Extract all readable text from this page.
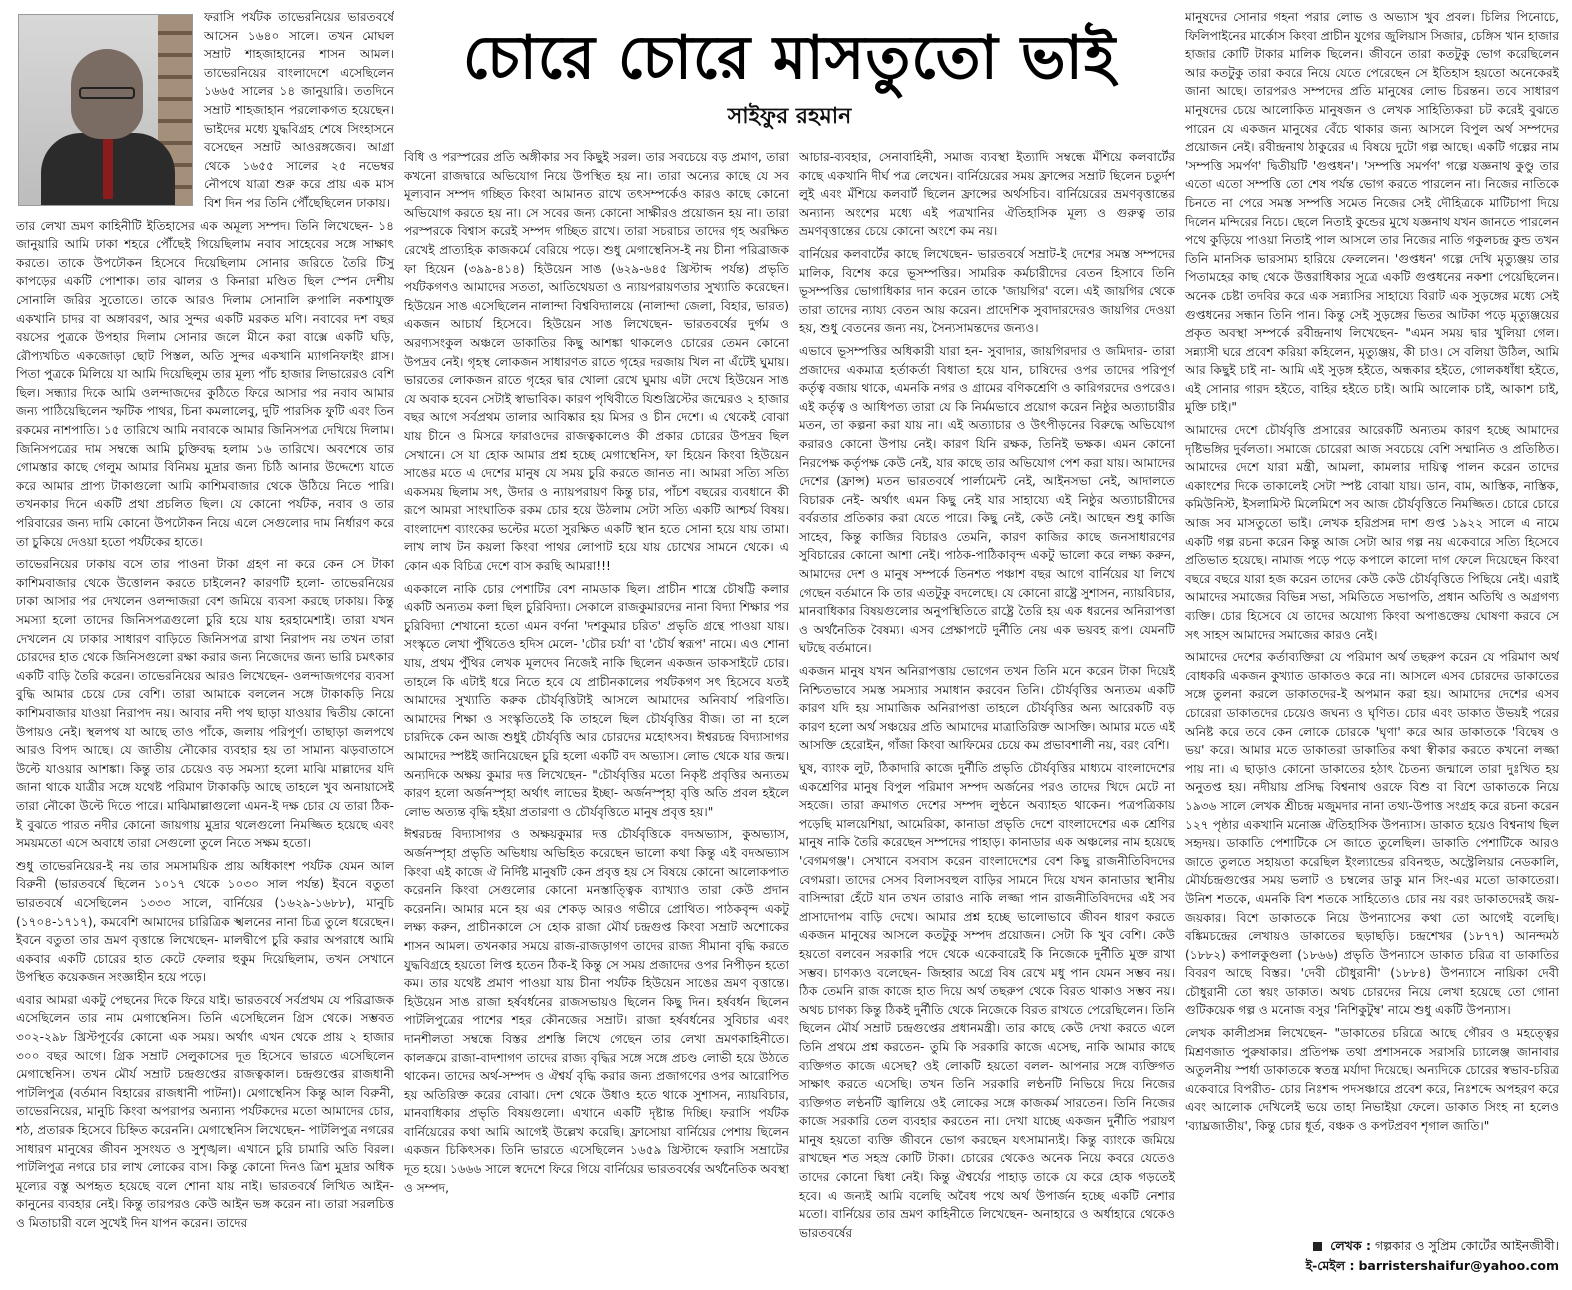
ফরাসি পর্যটক তাভেরনিয়ের ভারতবর্ষে আসেন ১৬৪০ সালে। তখন মোঘল সম্রাট শাহজাহানের শাসন আমল। তাভেরনিয়ের বাংলাদেশে এসেছিলেন ১৬৬৫ সালের ১৪ জানুয়ারি। ততদিনে সম্রাট শাহজাহান পরলোকগত হয়েছেন। ভাইদের মধ্যে যুদ্ধবিগ্রহ শেষে সিংহাসনে বসেছেন সম্রাট আওরঙ্গজেব। আগ্রা থেকে ১৬৫৫ সালের ২৫ নভেম্বর নৌপথে যাত্রা শুরু করে প্রায় এক মাস বিশ দিন পর তিনি পৌঁছেছিলেন ঢাকায়।

তার লেখা ভ্রমণ কাহিনীটি ইতিহাসের এক অমূল্য সম্পদ। তিনি লিখেছেন- ১৪ জানুয়ারি আমি ঢাকা শহরে পৌঁছেই গিয়েছিলাম নবাব সাহেবের সঙ্গে সাক্ষাৎ করতে। তাকে উপঢৌকন হিসেবে দিয়েছিলাম সোনার জরিতে তৈরি টিসু কাপড়ের একটি পোশাক। তার ঝালর ও কিনারা মণ্ডিত ছিল স্পেন দেশীয় সোনালি জরির সুতোতে। তাকে আরও দিলাম সোনালি রুপালি নকশাযুক্ত একখানি চাদর বা অঙ্গাবরণ, আর সুন্দর একটি মরকত মণি। নবাবের দশ বছর বয়সের পুত্রকে উপহার দিলাম সোনার জলে মীনে করা বাক্সে একটি ঘড়ি, রৌপ্যখচিত একজোড়া ছোট পিস্তল, অতি সুন্দর একখানি ম্যাগনিফাইং গ্লাস। পিতা পুত্রকে মিলিয়ে যা আমি দিয়েছিলুম তার মূল্য পাঁচ হাজার লিভারেরও বেশি ছিল। সন্ধ্যার দিকে আমি ওলন্দাজদের কুঠিতে ফিরে আসার পর নবাব আমার জন্য পাঠিয়েছিলেন স্ফটিক পাথর, চিনা কমলালেবু, দুটি পারসিক ফুটি এবং তিন রকমের নাশপাতি। ১৫ তারিখে আমি নবাবকে আমার জিনিসপত্র দেখিয়ে দিলাম। জিনিসপত্রের দাম সম্বন্ধে আমি চুক্তিবদ্ধ হলাম ১৬ তারিখে। অবশেষে তার গোমস্তার কাছে গেলুম আমার বিনিময় মুদ্রার জন্য চিঠি আনার উদ্দেশ্যে যাতে করে আমার প্রাপ্য টাকাগুলো আমি কাশিমবাজার থেকে উঠিয়ে নিতে পারি। তখনকার দিনে একটি প্রথা প্রচলিত ছিল। যে কোনো পর্যটক, নবাব ও তার পরিবারের জন্য দামি কোনো উপঢৌকন নিয়ে এলে সেগুলোর দাম নির্ধারণ করে তা চুকিয়ে দেওয়া হতো পর্যটকের হাতে।

তাভেরনিয়ের ঢাকায় বসে তার পাওনা টাকা গ্রহণ না করে কেন সে টাকা কাশিমবাজার থেকে উত্তোলন করতে চাইলেন? কারণটি হলো- তাভেরনিয়ের ঢাকা আসার পর দেখলেন ওলন্দাজরা বেশ জমিয়ে ব্যবসা করছে ঢাকায়। কিন্তু সমস্যা হলো তাদের জিনিসপত্রগুলো চুরি হয়ে যায় হরহামেশাই। তারা যখন দেখলেন যে ঢাকার সাধারণ বাড়িতে জিনিসপত্র রাখা নিরাপদ নয় তখন তারা চোরদের হাত থেকে জিনিসগুলো রক্ষা করার জন্য নিজেদের জন্য ভারি চমৎকার একটি বাড়ি তৈরি করেন। তাভেরনিয়ের আরও লিখেছেন- ওলন্দাজগণের ব্যবসা বুদ্ধি আমার চেয়ে ঢের বেশি। তারা আমাকে বললেন সঙ্গে টাকাকড়ি নিয়ে কাশিমবাজার যাওয়া নিরাপদ নয়। আবার নদী পথ ছাড়া যাওয়ার দ্বিতীয় কোনো উপায়ও নেই। স্থলপথ যা আছে তাও পাঁকে, জলায় পরিপূর্ণ। তাছাড়া জলপথে আরও বিপদ আছে। যে জাতীয় নৌকোর ব্যবহার হয় তা সামান্য ঝড়বাতাসে উল্টে যাওয়ার আশঙ্কা। কিন্তু তার চেয়েও বড় সমস্যা হলো মাঝি মাল্লাদের যদি জানা থাকে যাত্রীর সঙ্গে যথেষ্ট পরিমাণ টাকাকড়ি আছে তাহলে খুব অনায়াসেই তারা নৌকো উল্টে দিতে পারে। মাঝিমাল্লাগুলো এমন-ই দক্ষ চোর যে তারা ঠিক-ই বুঝতে পারত নদীর কোনো জায়গায় মুদ্রার থলেগুলো নিমজ্জিত হয়েছে এবং সময়মতো এসে অবাধে তারা সেগুলো তুলে নিতে সক্ষম হতো।

শুধু তাভেরনিয়ের-ই নয় তার সমসাময়িক প্রায় অধিকাংশ পর্যটক যেমন আল বিরুনী (ভারতবর্ষে ছিলেন ১০১৭ থেকে ১০৩০ সাল পর্যন্ত) ইবনে বতুতা ভারতবর্ষে এসেছিলেন ১৩৩৩ সালে, বার্নিয়ের (১৬২৯-১৬৮৮), মানুচি (১৭০৪-১৭১৭), কমবেশি আমাদের চারিত্রিক স্খলনের নানা চিত্র তুলে ধরেছেন। ইবনে বতুতা তার ভ্রমণ বৃত্তান্তে লিখেছেন- মালদ্বীপে চুরি করার অপরাধে আমি একবার একটি চোরের হাত কেটে ফেলার হুকুম দিয়েছিলাম, তখন সেখানে উপস্থিত কয়েকজন সংজ্ঞাহীন হয়ে পড়ে।

এবার আমরা একটু পেছনের দিকে ফিরে যাই। ভারতবর্ষে সর্বপ্রথম যে পরিব্রাজক এসেছিলেন তার নাম মেগাস্থেনিস। তিনি এসেছিলেন গ্রিস থেকে। সম্ভবত ৩০২-২৯৮ খ্রিস্টপূর্বের কোনো এক সময়। অর্থাৎ এখন থেকে প্রায় ২ হাজার ৩০০ বছর আগে। গ্রিক সম্রাট সেলুকাসের দূত হিসেবে ভারতে এসেছিলেন মেগাস্থেনিস। তখন মৌর্য সম্রাট চন্দ্রগুপ্তের রাজত্বকাল। চন্দ্রগুপ্তের রাজধানী পাটলিপুত্র (বর্তমান বিহারের রাজধানী পাটনা)। মেগাস্থেনিস কিন্তু আল বিরুনী, তাভেরনিয়ের, মানুচি কিংবা অপরাপর অন্যান্য পর্যটকদের মতো আমাদের চোর, শঠ, প্রতারক হিসেবে চিহ্নিত করেননি। মেগাস্থেনিস লিখেছেন- পাটলিপুত্র নগরের সাধারণ মানুষের জীবন সুসংযত ও সুশৃঙ্খল। এখানে চুরি চামারি অতি বিরল। পাটলিপুত্র নগরে চার লাখ লোকের বাস। কিন্তু কোনো দিনও ত্রিশ মুদ্রার অধিক মূল্যের বস্তু অপহৃত হয়েছে বলে শোনা যায় নাই। ভারতবর্ষে লিখিত আইন-কানুনের ব্যবহার নেই। কিন্তু তারপরও কেউ আইন ভঙ্গ করেন না। তারা সরলচিত্ত ও মিতাচারী বলে সুখেই দিন যাপন করেন। তাদের

চোরে চোরে মাসতুতো ভাই
সাইফুর রহমান

বিধি ও পরস্পরের প্রতি অঙ্গীকার সব কিছুই সরল। তার সবচেয়ে বড় প্রমাণ, তারা কখনো রাজদ্বারে অভিযোগ নিয়ে উপস্থিত হয় না। তারা অন্যের কাছে যে সব মূল্যবান সম্পদ গচ্ছিত কিংবা আমানত রাখে তৎসম্পর্কেও কারও কাছে কোনো অভিযোগ করতে হয় না। সে সবের জন্য কোনো সাক্ষীরও প্রয়োজন হয় না। তারা পরস্পরকে বিশ্বাস করেই সম্পদ গচ্ছিত রাখে। তারা সচরাচর তাদের গৃহ অরক্ষিত রেখেই প্রাত্যহিক কাজকর্মে বেরিয়ে পড়ে। শুধু মেগাস্থেনিস-ই নয় চীনা পরিব্রাজক ফা হিয়েন (৩৯৯-৪১৪) হিউয়েন সাঙ (৬২৯-৬৪৫ খ্রিস্টাব্দ পর্যন্ত) প্রভৃতি পর্যটকগণও আমাদের সততা, আতিথেয়তা ও ন্যায়পরায়ণতার সুখ্যাতি করেছেন। হিউয়েন সাঙ এসেছিলেন নালান্দা বিশ্ববিদ্যালয়ে (নালান্দা জেলা, বিহার, ভারত) একজন আচার্য হিসেবে। হিউয়েন সাঙ লিখেছেন- ভারতবর্ষের দুর্গম ও অরণ্যসংকুল অঞ্চলে ডাকাতির কিছু আশঙ্কা থাকলেও চোরের তেমন কোনো উপদ্রব নেই। গৃহস্থ লোকজন সাধারণত রাতে গৃহের দরজায় খিল না এঁটেই ঘুমায়। ভারতের লোকজন রাতে গৃহের দ্বার খোলা রেখে ঘুমায় এটা দেখে হিউয়েন সাঙ যে অবাক হবেন সেটাই স্বাভাবিক। কারণ পৃথিবীতে যিশুখ্রিস্টের জন্মেরও ২ হাজার বছর আগে সর্বপ্রথম তালার আবিষ্কার হয় মিসর ও চীন দেশে। এ থেকেই বোঝা যায় চীনে ও মিসরে ফারাওদের রাজত্বকালেও কী প্রকার চোরের উপদ্রব ছিল সেখানে। সে যা হোক আমার প্রশ্ন হচ্ছে মেগাস্থেনিস, ফা হিয়েন কিংবা হিউয়েন সাঙের মতে এ দেশের মানুষ যে সময় চুরি করতে জানত না। আমরা সত্যি সত্যি একসময় ছিলাম সৎ, উদার ও ন্যায়পরায়ণ কিন্তু চার, পাঁচশ বছরের ব্যবধানে কী রূপে আমরা সাংঘাতিক রকম চোর হয়ে উঠলাম সেটা সত্যি একটি আশ্চর্য বিষয়। বাংলাদেশ ব্যাংকের ভল্টের মতো সুরক্ষিত একটি স্থান হতে সোনা হয়ে যায় তামা। লাখ লাখ টন কয়লা কিংবা পাথর লোপাট হয়ে যায় চোখের সামনে থেকে। এ কোন এক বিচিত্র দেশে বাস করছি আমরা!!!

এককালে নাকি চোর পেশাটির বেশ নামডাক ছিল। প্রাচীন শাস্ত্রে চৌষট্টি কলার একটি অন্যতম কলা ছিল চুরিবিদ্যা। সেকালে রাজকুমারদের নানা বিদ্যা শিক্ষার পর চুরিবিদ্যা শেখানো হতো এমন বর্ণনা 'দশকুমার চরিত' প্রভৃতি গ্রন্থে পাওয়া যায়। সংস্কৃতে লেখা পুঁথিতেও হদিস মেলে- 'চৌর চর্যা' বা 'চৌর্য স্বরূপ' নামে। এও শোনা যায়, প্রথম পুঁথির লেখক মূলদেব নিজেই নাকি ছিলেন একজন ডাকসাইটে চোর। তাহলে কি এটাই ধরে নিতে হবে যে প্রাচীনকালের পর্যটকগণ সৎ হিসেবে যতই আমাদের সুখ্যাতি করুক চৌর্যবৃত্তিটাই আসলে আমাদের অনিবার্য পরিণতি। আমাদের শিক্ষা ও সংস্কৃতিতেই কি তাহলে ছিল চৌর্যবৃত্তির বীজ। তা না হলে চারদিকে কেন আজ শুধুই চৌর্যবৃত্তি আর চোরদের মহোৎসব। ঈশ্বরচন্দ্র বিদ্যাসাগর আমাদের স্পষ্টই জানিয়েছেন চুরি হলো একটি বদ অভ্যাস। লোভ থেকে যার জন্ম। অন্যদিকে অক্ষয় কুমার দত্ত লিখেছেন- "চৌর্যবৃত্তির মতো নিকৃষ্ট প্রবৃত্তির অন্যতম কারণ হলো অর্জনস্পৃহা অর্থাৎ লাভের ইচ্ছা- অর্জনস্পৃহা বৃত্তি অতি প্রবল হইলে লোভ অত্যন্ত বৃদ্ধি হইয়া প্রতারণা ও চৌর্যবৃত্তিতে মানুষ প্রবৃত্ত হয়।"

ঈশ্বরচন্দ্র বিদ্যাসাগর ও অক্ষয়কুমার দত্ত চৌর্যবৃত্তিকে বদঅভ্যাস, কুঅভ্যাস, অর্জনস্পৃহা প্রভৃতি অভিধায় অভিহিত করেছেন ভালো কথা কিন্তু এই বদঅভ্যাস কিংবা এই কাজে ঐ নির্দিষ্ট মানুষটি কেন প্রবৃত্ত হয় সে বিষয়ে কোনো আলোকপাত করেননি কিংবা সেগুলোর কোনো মনস্তাত্ত্বিক ব্যাখ্যাও তারা কেউ প্রদান করেননি। আমার মনে হয় এর শেকড় আরও গভীরে প্রোথিত। পাঠকবৃন্দ একটু লক্ষ্য করুন, প্রাচীনকালে সে হোক রাজা মৌর্য চন্দ্রগুপ্ত কিংবা সম্রাট অশোকের শাসন আমল। তখনকার সময়ে রাজ-রাজড়াগণ তাদের রাজ্য সীমানা বৃদ্ধি করতে যুদ্ধবিগ্রহে হয়তো লিপ্ত হতেন ঠিক-ই কিন্তু সে সময় প্রজাদের ওপর নিপীড়ন হতো কম। তার যথেষ্ট প্রমাণ পাওয়া যায় চীনা পর্যটক হিউয়েন সাঙের ভ্রমণ বৃত্তান্তে। হিউয়েন সাঙ রাজা হর্ষবর্ধনের রাজসভায়ও ছিলেন কিছু দিন। হর্ষবর্ধন ছিলেন পাটলিপুত্রের পাশের শহর কৌনজের সম্রাট। রাজা হর্ষবর্ধনের সুবিচার এবং দানশীলতা সম্বন্ধে বিস্তর প্রশস্তি লিখে গেছেন তার লেখা ভ্রমণকাহিনীতে। কালক্রমে রাজা-বাদশাগণ তাদের রাজ্য বৃদ্ধির সঙ্গে সঙ্গে প্রচণ্ড লোভী হয়ে উঠতে থাকেন। তাদের অর্থ-সম্পদ ও ঐশ্বর্য বৃদ্ধি করার জন্য প্রজাগণের ওপর আরোপিত হয় অতিরিক্ত করের বোঝা। দেশ থেকে উধাও হতে থাকে সুশাসন, ন্যায়বিচার, মানবাধিকার প্রভৃতি বিষয়গুলো। এখানে একটি দৃষ্টান্ত দিচ্ছি। ফরাসি পর্যটক বার্নিয়েরের কথা আমি আগেই উল্লেখ করেছি। ফ্রাসোয়া বার্নিয়ের পেশায় ছিলেন একজন চিকিৎসক। তিনি ভারতে এসেছিলেন ১৬৫৯ খ্রিস্টাব্দে ফরাসি সম্রাটের দূত হয়ে। ১৬৬৬ সালে স্বদেশে ফিরে গিয়ে বার্নিয়ের ভারতবর্ষের অর্থনৈতিক অবস্থা ও সম্পদ,

আচার-ব্যবহার, সেনাবাহিনী, সমাজ ব্যবস্থা ইত্যাদি সম্বন্ধে মঁশিয়ে কলবার্টের কাছে একখানি দীর্ঘ পত্র লেখেন। বার্নিয়েরের সময় ফ্রান্সের সম্রাট ছিলেন চতুর্দশ লুই এবং মঁশিয়ে কলবার্ট ছিলেন ফ্রান্সের অর্থসচিব। বার্নিয়েরের ভ্রমণবৃত্তান্তের অন্যান্য অংশের মধ্যে এই পত্রখানির ঐতিহাসিক মূল্য ও গুরুত্ব তার ভ্রমণবৃত্তান্তের চেয়ে কোনো অংশে কম নয়।

বার্নিয়ের কলবার্টের কাছে লিখেছেন- ভারতবর্ষে সম্রাট-ই দেশের সমস্ত সম্পদের মালিক, বিশেষ করে ভূসম্পত্তির। সামরিক কর্মচারীদের বেতন হিসাবে তিনি ভূসম্পত্তির ভোগাধিকার দান করেন তাকে 'জায়গির' বলে। এই জায়গির থেকে তারা তাদের ন্যায্য বেতন আয় করেন। প্রাদেশিক সুবাদারদেরও জায়গির দেওয়া হয়, শুধু বেতনের জন্য নয়, সৈন্যসামন্তদের জন্যও।

এভাবে ভূসম্পত্তির অধিকারী যারা হন- সুবাদার, জায়গিরদার ও জমিদার- তারা প্রজাদের একমাত্র হর্তাকর্তা বিধাতা হয়ে যান, চাষিদের ওপর তাদের পরিপূর্ণ কর্তৃত্ব বজায় থাকে, এমনকি নগর ও গ্রামের বণিকশ্রেণি ও কারিগরদের ওপরেও। এই কর্তৃত্ব ও আধিপত্য তারা যে কি নির্মমভাবে প্রয়োগ করেন নিষ্ঠুর অত্যাচারীর মতন, তা কল্পনা করা যায় না। এই অত্যাচার ও উৎপীড়নের বিরুদ্ধে অভিযোগ করারও কোনো উপায় নেই। কারণ যিনি রক্ষক, তিনিই ভক্ষক। এমন কোনো নিরপেক্ষ কর্তৃপক্ষ কেউ নেই, যার কাছে তার অভিযোগ পেশ করা যায়। আমাদের দেশের (ফ্রান্স) মতন ভারতবর্ষে পার্লামেন্ট নেই, আইনসভা নেই, আদালতে বিচারক নেই- অর্থাৎ এমন কিছু নেই যার সাহায্যে এই নিষ্ঠুর অত্যাচারীদের বর্বরতার প্রতিকার করা যেতে পারে। কিছু নেই, কেউ নেই। আছেন শুধু কাজি সাহেব, কিন্তু কাজির বিচারও তেমনি, কারণ কাজির কাছে জনসাধারণের সুবিচারের কোনো আশা নেই। পাঠক-পাঠিকাবৃন্দ একটু ভালো করে লক্ষ্য করুন, আমাদের দেশ ও মানুষ সম্পর্কে তিনশত পঞ্চাশ বছর আগে বার্নিয়ের যা লিখে গেছেন বর্তমানে কি তার এতটুকু বদলেছে। যে কোনো রাষ্ট্রে সুশাসন, ন্যায়বিচার, মানবাধিকার বিষয়গুলোর অনুপস্থিতিতে রাষ্ট্রে তৈরি হয় এক ধরনের অনিরাপত্তা ও অর্থনৈতিক বৈষম্য। এসব প্রেক্ষাপটে দুর্নীতি নেয় এক ভয়বহ রূপ। যেমনটি ঘটছে বর্তমানে।

একজন মানুষ যখন অনিরাপত্তায় ভোগেন তখন তিনি মনে করেন টাকা দিয়েই নিশ্চিতভাবে সমস্ত সমস্যার সমাধান করবেন তিনি। চৌর্যবৃত্তির অন্যতম একটি কারণ যদি হয় সামাজিক অনিরাপত্তা তাহলে চৌর্যবৃত্তির অন্য আরেকটি বড় কারণ হলো অর্থ সঞ্চয়ের প্রতি আমাদের মাত্রাতিরিক্ত আসক্তি। আমার মতে এই আসক্তি হেরোইন, গাঁজা কিংবা আফিমের চেয়ে কম প্রভাবশালী নয়, বরং বেশি।

ঘুষ, ব্যাংক লুট, ঠিকাদারি কাজে দুর্নীতি প্রভৃতি চৌর্যবৃত্তির মাধ্যমে বাংলাদেশের একশ্রেণির মানুষ বিপুল পরিমাণ সম্পদ অর্জনের পরও তাদের খিদে মেটে না সহজে। তারা ক্রমাগত দেশের সম্পদ লুণ্ঠনে অব্যাহত থাকেন। পত্রপত্রিকায় পড়েছি মালয়েশিয়া, আমেরিকা, কানাডা প্রভৃতি দেশে বাংলাদেশের এক শ্রেণির মানুষ নাকি তৈরি করেছেন সম্পদের পাহাড়। কানাডার এক অঞ্চলের নাম হয়েছে 'বেগমগঞ্জ'। সেখানে বসবাস করেন বাংলাদেশের বেশ কিছু রাজনীতিবিদদের বেগমরা। তাদের সেসব বিলাসবহুল বাড়ির সামনে দিয়ে যখন কানাডার স্থানীয় বাসিন্দারা হেঁটে যান তখন তারাও নাকি লজ্জা পান রাজনীতিবিদদের এই সব প্রাসাদোপম বাড়ি দেখে। আমার প্রশ্ন হচ্ছে ভালোভাবে জীবন ধারণ করতে একজন মানুষের আসলে কতটুকু সম্পদ প্রয়োজন। সেটা কি খুব বেশি। কেউ হয়তো বলবেন সরকারি পদে থেকে একেবারেই কি নিজেকে দুর্নীতি মুক্ত রাখা সম্ভব। চাণক্যও বলেছেন- জিহ্বার অগ্রে বিষ রেখে মধু পান যেমন সম্ভব নয়। ঠিক তেমনি রাজ কাজে হাত দিয়ে অর্থ তছরুপ থেকে বিরত থাকাও সম্ভব নয়। অথচ চাণক্য কিন্তু ঠিকই দুর্নীতি থেকে নিজেকে বিরত রাখতে পেরেছিলেন। তিনি ছিলেন মৌর্য সম্রাট চন্দ্রগুপ্তের প্রধানমন্ত্রী। তার কাছে কেউ দেখা করতে এলে তিনি প্রথমে প্রশ্ন করতেন- তুমি কি সরকারি কাজে এসেছ, নাকি আমার কাছে ব্যক্তিগত কাজে এসেছ? ওই লোকটি হয়তো বলল- আপনার সঙ্গে ব্যক্তিগত সাক্ষাৎ করতে এসেছি। তখন তিনি সরকারি লণ্ঠনটি নিভিয়ে দিয়ে নিজের ব্যক্তিগত লণ্ঠনটি জ্বালিয়ে ওই লোকের সঙ্গে কাজকর্ম সারতেন। তিনি নিজের কাজে সরকারি তেল ব্যবহার করতেন না। দেখা যাচ্ছে একজন দুর্নীতি পরায়ণ মানুষ হয়তো ব্যক্তি জীবনে ভোগ করছেন যৎসামান্যই। কিন্তু ব্যাংকে জমিয়ে রাখছেন শত সহস্র কোটি টাকা। চোরের থেকেও অনেক নিয়ে কবরে যেতেও তাদের কোনো দ্বিধা নেই। কিন্তু ঐশ্বর্যের পাহাড় তাকে যে করে হোক গড়তেই হবে। এ জন্যই আমি বলেছি অবৈধ পথে অর্থ উপার্জন হচ্ছে একটি নেশার মতো। বার্নিয়ের তার ভ্রমণ কাহিনীতে লিখেছেন- অনাহারে ও অর্ধাহারে থেকেও ভারতবর্ষের

মানুষদের সোনার গহনা পরার লোভ ও অভ্যাস খুব প্রবল। চিলির পিনোচে, ফিলিপাইনের মার্কোস কিংবা প্রাচীন যুগের জুলিয়াস সিজার, চেঙ্গিস খান হাজার হাজার কোটি টাকার মালিক ছিলেন। জীবনে তারা কতটুকু ভোগ করেছিলেন আর কতটুকু তারা কবরে নিয়ে যেতে পেরেছেন সে ইতিহাস হয়তো অনেকেরই জানা আছে। তারপরও সম্পদের প্রতি মানুষের লোভ চিরন্তন। তবে সাধারণ মানুষদের চেয়ে আলোকিত মানুষজন ও লেখক সাহিত্যিকরা চট করেই বুঝতে পারেন যে একজন মানুষের বেঁচে থাকার জন্য আসলে বিপুল অর্থ সম্পদের প্রয়োজন নেই। রবীন্দ্রনাথ ঠাকুরের এ বিষয়ে দুটো গল্প আছে। একটি গল্পের নাম 'সম্পত্তি সমর্পণ' দ্বিতীয়টি 'গুপ্তধন'। 'সম্পত্তি সমর্পণ' গল্পে যজ্ঞনাথ কুণ্ডু তার এতো এতো সম্পত্তি তো শেষ পর্যন্ত ভোগ করতে পারলেন না। নিজের নাতিকে চিনতে না পেরে সমস্ত সম্পত্তি সমেত নিজের সেই দৌহিত্রকে মাটিচাপা দিয়ে দিলেন মন্দিরের নিচে। ছেলে নিতাই কুন্ডের মুখে যজ্ঞনাথ যখন জানতে পারলেন পথে কুড়িয়ে পাওয়া নিতাই পাল আসলে তার নিজের নাতি গকুলচন্দ্র কুন্ড তখন তিনি মানসিক ভারসাম্য হারিয়ে ফেললেন। 'গুপ্তধন' গল্পে দেখি মৃত্যুঞ্জয় তার পিতামহের কাছ থেকে উত্তরাধিকার সূত্রে একটি গুপ্তধনের নকশা পেয়েছিলেন। অনেক চেষ্টা তদবির করে এক সন্ন্যাসির সাহায্যে বিরাট এক সুড়ঙ্গের মধ্যে সেই গুপ্তধনের সন্ধান তিনি পান। কিন্তু সেই সুড়ঙ্গের ভিতর আটকা পড়ে মৃত্যুঞ্জয়ের প্রকৃত অবস্থা সম্পর্কে রবীন্দ্রনাথ লিখেছেন- "এমন সময় দ্বার খুলিয়া গেল। সন্ন্যাসী ঘরে প্রবেশ করিয়া কহিলেন, মৃত্যুঞ্জয়, কী চাও। সে বলিয়া উঠিল, আমি আর কিছুই চাই না- আমি এই সুড়ঙ্গ হইতে, অন্ধকার হইতে, গোলকধাঁধা হইতে, এই সোনার গারদ হইতে, বাহির হইতে চাই। আমি আলোক চাই, আকাশ চাই, মুক্তি চাই।"

আমাদের দেশে চৌর্যবৃত্তি প্রসারের আরেকটি অন্যতম কারণ হচ্ছে আমাদের দৃষ্টিভঙ্গির দুর্বলতা। সমাজে চোরেরা আজ সবচেয়ে বেশি সম্মানিত ও প্রতিষ্ঠিত। আমাদের দেশে যারা মন্ত্রী, আমলা, কামলার দায়িত্ব পালন করেন তাদের একাংশের দিকে তাকালেই সেটা স্পষ্ট বোঝা যায়। ডান, বাম, আস্তিক, নাস্তিক, কমিউনিস্ট, ইসলামিস্ট মিলেমিশে সব আজ চৌর্যবৃত্তিতে নিমজ্জিত। চোরে চোরে আজ সব মাসতুতো ভাই। লেখক হরিপ্রসন্ন দাশ গুপ্ত ১৯২২ সালে এ নামে একটি গল্প রচনা করেন কিন্তু আজ সেটা আর গল্প নয় একেবারে সত্যি হিসেবে প্রতিভাত হয়েছে। নামাজ পড়ে পড়ে কপালে কালো দাগ ফেলে দিয়েছেন কিংবা বছরে বছরে যারা হজ করেন তাদের কেউ কেউ চৌর্যবৃত্তিতে পিছিয়ে নেই। এরাই আমাদের সমাজের বিভিন্ন সভা, সমিতিতে সভাপতি, প্রধান অতিথি ও অগ্রগণ্য ব্যক্তি। চোর হিসেবে যে তাদের অযোগ্য কিংবা অপাঙক্তেয় ঘোষণা করবে সে সৎ সাহস আমাদের সমাজের কারও নেই।

আমাদের দেশের কর্তাব্যক্তিরা যে পরিমাণ অর্থ তছরুপ করেন যে পরিমাণ অর্থ বোধকরি একজন কুখ্যাত ডাকাতও করে না। আসলে এসব চোরদের ডাকাতের সঙ্গে তুলনা করলে ডাকাতদের-ই অপমান করা হয়। আমাদের দেশের এসব চোরেরা ডাকাতদের চেয়েও জঘন্য ও ঘৃণিত। চোর এবং ডাকাত উভয়ই পরের অনিষ্ট করে তবে কেন লোকে চোরকে 'ঘৃণা' করে আর ডাকাতকে 'বিদ্বেষ ও ভয়' করে। আমার মতে ডাকাতরা ডাকাতির কথা স্বীকার করতে কখনো লজ্জা পায় না। এ ছাড়াও কোনো ডাকাতের হঠাৎ চৈতন্য জন্মালে তারা দুঃখিত হয় অনুতপ্ত হয়। নদীয়ায় প্রসিদ্ধ বিশ্বনাথ ওরফে বিশু বা বিশে ডাকাতকে নিয়ে ১৯৩৬ সালে লেখক শ্রীচন্দ্র মজুমদার নানা তথ্য-উপাত্ত সংগ্রহ করে রচনা করেন ১২৭ পৃষ্ঠার একখানি মনোজ্ঞ ঐতিহাসিক উপন্যাস। ডাকাত হয়েও বিশ্বনাথ ছিল সহৃদয়। ডাকাতি পেশাটিকে সে জাতে তুলেছিল। ডাকাতি পেশাটিকে আরও জাতে তুলতে সহায়তা করেছিল ইংল্যান্ডের রবিনহুড, অস্ট্রেলিয়ার নেডকালি, মৌর্যচন্দ্রগুপ্তের সময় ভলাট ও চম্বলের ডাকু মান সিং-এর মতো ডাকাতেরা। উনিশ শতকে, এমনকি বিশ শতকে সাহিত্যেও চোর নয় বরং ডাকাতদেরই জয়-জয়কার। বিশে ডাকাতকে নিয়ে উপন্যাসের কথা তো আগেই বলেছি। বঙ্কিমচন্দ্রের লেখায়ও ডাকাতের ছড়াছড়ি। চন্দ্রশেখর (১৮৭৭) আনন্দমঠ (১৮৮২) কপালকুণ্ডলা (১৮৬৬) প্রভৃতি উপন্যাসে ডাকাত চরিত্র বা ডাকাতির বিবরণ আছে বিস্তর। 'দেবী চৌধুরানী' (১৮৮৪) উপন্যাসে নায়িকা দেবী চৌধুরানী তো স্বয়ং ডাকাত। অথচ চোরদের নিয়ে লেখা হয়েছে তো গোনা গুটিকয়েক গল্প ও মনোজ বসুর 'নিশিকুটুম্ব' নামে শুধু একটি উপন্যাস।

লেখক কালীপ্রসন্ন লিখেছেন- "ডাকাতের চরিত্রে আছে গৌরব ও মহত্ত্বের মিশ্রণজাত পুরুষাকার। প্রতিপক্ষ তথা প্রশাসনকে সরাসরি চ্যালেঞ্জ জানাবার অতুলনীয় স্পর্ধা ডাকাতকে স্বতন্ত্র মর্যাদা দিয়েছে। অন্যদিকে চোরের স্বভাব-চরিত্র একেবারে বিপরীত- চোর নিঃশব্দ পদসঞ্চারে প্রবেশ করে, নিঃশব্দে অপহরণ করে এবং আলোক দেখিলেই ভয়ে তাহা নিভাইয়া ফেলে। ডাকাত সিংহ না হলেও 'ব্যাঘ্রজাতীয়', কিন্তু চোর ধূর্ত, বঞ্চক ও কপটপ্রবণ শৃগাল জাতি।"

লেখক : গল্পকার ও সুপ্রিম কোর্টের আইনজীবী।
ই-মেইল : barristershaifur@yahoo.com
